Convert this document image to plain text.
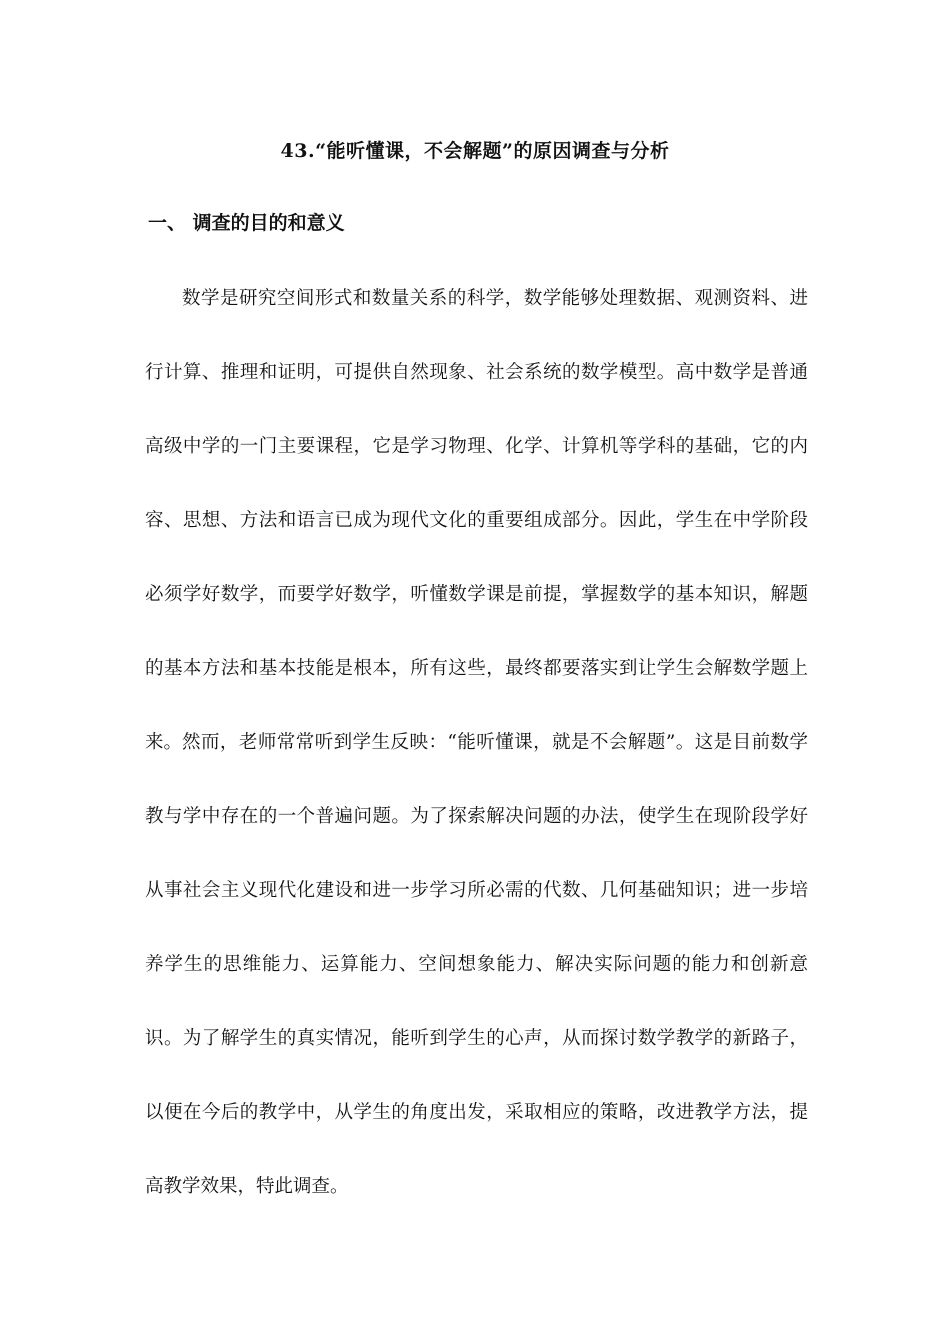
43.“能听懂课，不会解题”的原因调查与分析
一、 调查的目的和意义

数学是研究空间形式和数量关系的科学，数学能够处理数据、观测资料、进行计算、推理和证明，可提供自然现象、社会系统的数学模型。高中数学是普通高级中学的一门主要课程，它是学习物理、化学、计算机等学科的基础，它的内容、思想、方法和语言已成为现代文化的重要组成部分。因此，学生在中学阶段必须学好数学，而要学好数学，听懂数学课是前提，掌握数学的基本知识，解题的基本方法和基本技能是根本，所有这些，最终都要落实到让学生会解数学题上来。 然而，老师常常听到学生反映：“能听懂课，就是不会解题”。这是目前数学教与学中存在的一个普遍问题。为了探索解决问题的办法，使学生在现阶段学好从事社会主义现代化建设和进一步学习所必需的代数、几何基础知识；进一步培养学生的思维能力、运算能力、空间想象能力、解决实际问题的能力和创新意识。为了解学生的真实情况，能听到学生的心声，从而探讨数学教学的新路子，以便在今后的教学中，从学生的角度出发，采取相应的策略，改进教学方法，提高教学效果，特此调查。
